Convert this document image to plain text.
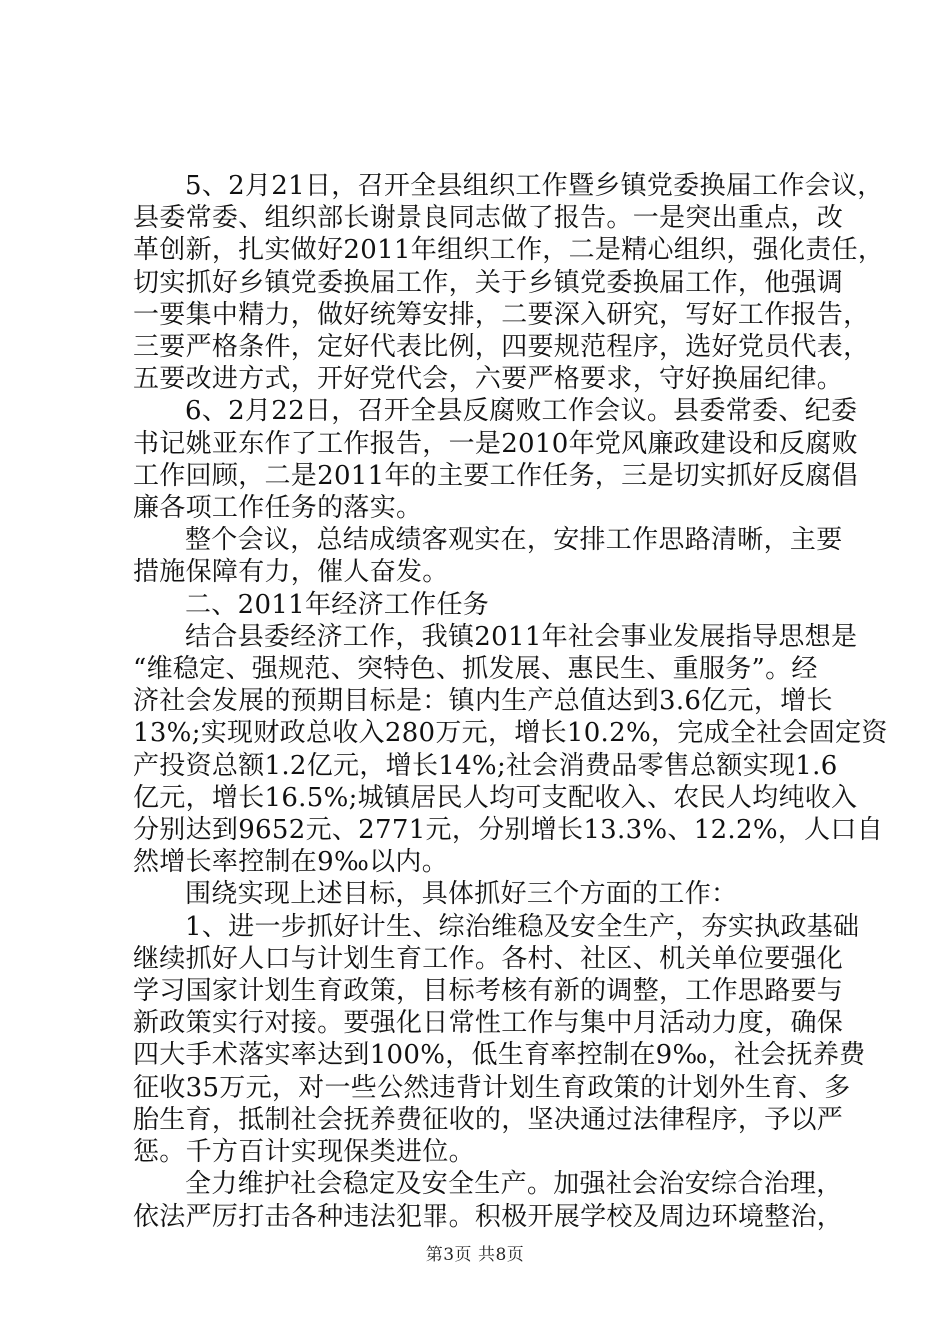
5、2月21日，召开全县组织工作暨乡镇党委换届工作会议，
县委常委、组织部长谢景良同志做了报告。一是突出重点，改
革创新，扎实做好2011年组织工作，二是精心组织，强化责任，
切实抓好乡镇党委换届工作，关于乡镇党委换届工作，他强调
一要集中精力，做好统筹安排，二要深入研究，写好工作报告，
三要严格条件，定好代表比例，四要规范程序，选好党员代表，
五要改进方式，开好党代会，六要严格要求，守好换届纪律。

6、2月22日，召开全县反腐败工作会议。县委常委、纪委
书记姚亚东作了工作报告，一是2010年党风廉政建设和反腐败
工作回顾，二是2011年的主要工作任务，三是切实抓好反腐倡
廉各项工作任务的落实。

整个会议，总结成绩客观实在，安排工作思路清晰，主要
措施保障有力，催人奋发。

二、2011年经济工作任务

结合县委经济工作，我镇2011年社会事业发展指导思想是
“维稳定、强规范、突特色、抓发展、惠民生、重服务”。经
济社会发展的预期目标是：镇内生产总值达到3.6亿元，增长
13%;实现财政总收入280万元，增长10.2%，完成全社会固定资
产投资总额1.2亿元，增长14%;社会消费品零售总额实现1.6
亿元，增长16.5%;城镇居民人均可支配收入、农民人均纯收入
分别达到9652元、2771元，分别增长13.3%、12.2%，人口自
然增长率控制在9‰以内。

围绕实现上述目标，具体抓好三个方面的工作：

1、进一步抓好计生、综治维稳及安全生产，夯实执政基础
继续抓好人口与计划生育工作。各村、社区、机关单位要强化
学习国家计划生育政策，目标考核有新的调整，工作思路要与
新政策实行对接。要强化日常性工作与集中月活动力度，确保
四大手术落实率达到100%，低生育率控制在9‰，社会抚养费
征收35万元，对一些公然违背计划生育政策的计划外生育、多
胎生育，抵制社会抚养费征收的，坚决通过法律程序，予以严
惩。千方百计实现保类进位。

全力维护社会稳定及安全生产。加强社会治安综合治理，
依法严厉打击各种违法犯罪。积极开展学校及周边环境整治，

第3页 共8页
